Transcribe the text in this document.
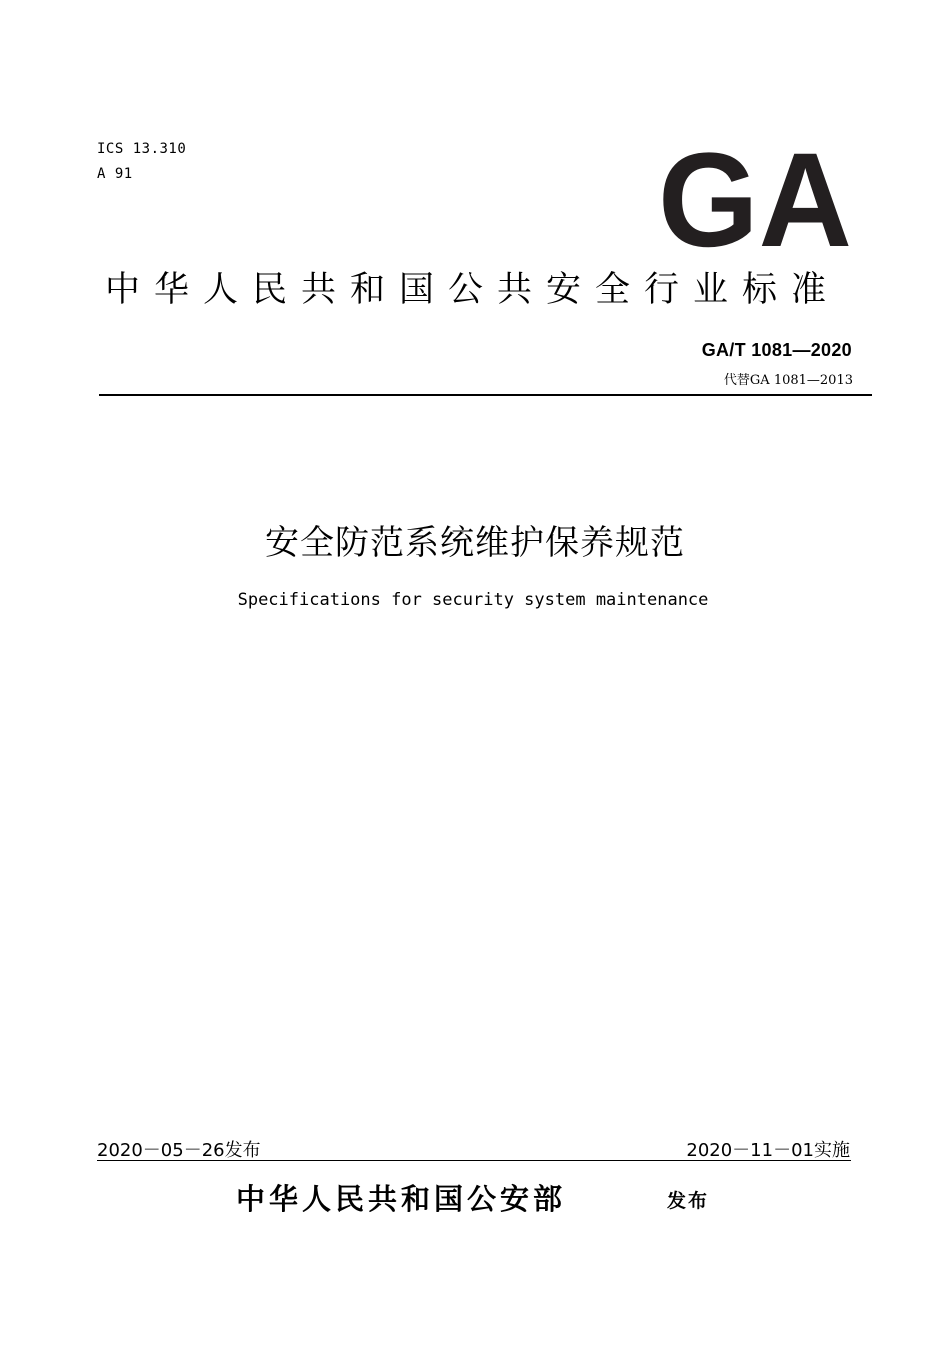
ICS 13.310
A 91	GA
中华人民共和国公共安全行业标准
GA/T 1081—2020
代替GA 1081—2013
安全防范系统维护保养规范
Specifications for security system maintenance
2020－05－26发布	2020－11－01实施
中华人民共和国公安部	发布
